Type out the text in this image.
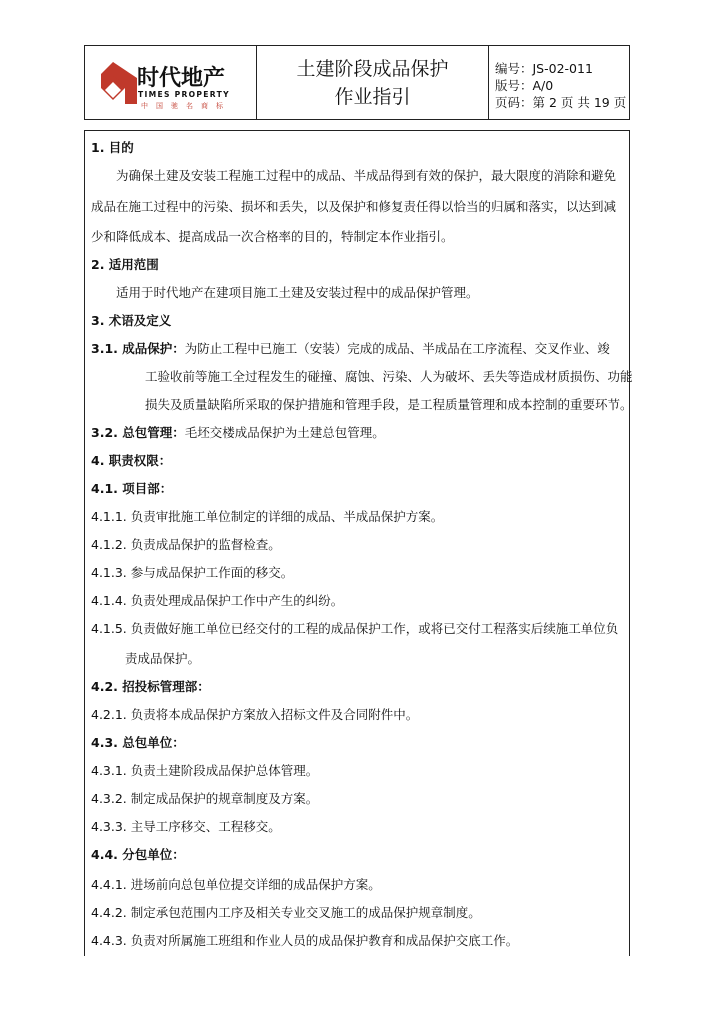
时代地产
TIMES PROPERTY
中国驰名商标
土建阶段成品保护
作业指引
编号：JS-02-011
版号：A/0
页码：第 2 页 共 19 页
1. 目的
为确保土建及安装工程施工过程中的成品、半成品得到有效的保护，最大限度的消除和避免
成品在施工过程中的污染、损坏和丢失，以及保护和修复责任得以恰当的归属和落实，以达到减
少和降低成本、提高成品一次合格率的目的，特制定本作业指引。
2. 适用范围
适用于时代地产在建项目施工土建及安装过程中的成品保护管理。
3. 术语及定义
3.1. 成品保护：为防止工程中已施工（安装）完成的成品、半成品在工序流程、交叉作业、竣
工验收前等施工全过程发生的碰撞、腐蚀、污染、人为破坏、丢失等造成材质损伤、功能
损失及质量缺陷所采取的保护措施和管理手段，是工程质量管理和成本控制的重要环节。
3.2. 总包管理：毛坯交楼成品保护为土建总包管理。
4. 职责权限：
4.1. 项目部：
4.1.1. 负责审批施工单位制定的详细的成品、半成品保护方案。
4.1.2. 负责成品保护的监督检查。
4.1.3. 参与成品保护工作面的移交。
4.1.4. 负责处理成品保护工作中产生的纠纷。
4.1.5. 负责做好施工单位已经交付的工程的成品保护工作，或将已交付工程落实后续施工单位负
责成品保护。
4.2. 招投标管理部：
4.2.1. 负责将本成品保护方案放入招标文件及合同附件中。
4.3. 总包单位：
4.3.1. 负责土建阶段成品保护总体管理。
4.3.2. 制定成品保护的规章制度及方案。
4.3.3. 主导工序移交、工程移交。
4.4. 分包单位：
4.4.1. 进场前向总包单位提交详细的成品保护方案。
4.4.2. 制定承包范围内工序及相关专业交叉施工的成品保护规章制度。
4.4.3. 负责对所属施工班组和作业人员的成品保护教育和成品保护交底工作。
